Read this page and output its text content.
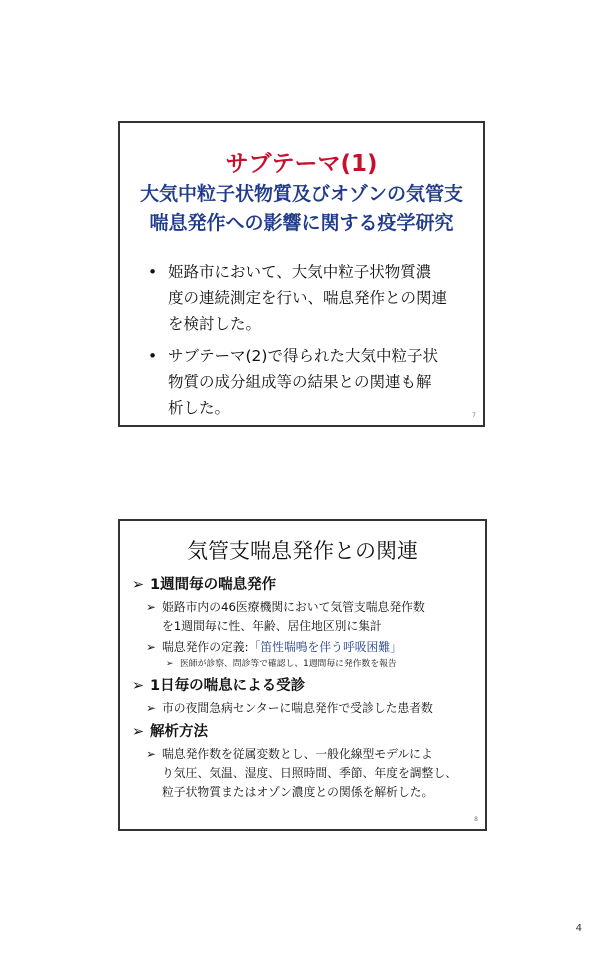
サブテーマ(1)
大気中粒子状物質及びオゾンの気管支
喘息発作への影響に関する疫学研究
• 姫路市において、大気中粒子状物質濃
度の連続測定を行い、喘息発作との関連
を検討した。
• サブテーマ(2)で得られた大気中粒子状
物質の成分組成等の結果との関連も解
析した。	7
気管支喘息発作との関連
➢ 1週間毎の喘息発作
➢ 姫路市内の46医療機関において気管支喘息発作数
を1週間毎に性、年齢、居住地区別に集計
➢ 喘息発作の定義:「笛性喘鳴を伴う呼吸困難」
➢ 医師が診察、問診等で確認し、1週間毎に発作数を報告
➢ 1日毎の喘息による受診
➢ 市の夜間急病センターに喘息発作で受診した患者数
➢ 解析方法
➢ 喘息発作数を従属変数とし、一般化線型モデルによ
り気圧、気温、湿度、日照時間、季節、年度を調整し、
粒子状物質またはオゾン濃度との関係を解析した。
8
4
